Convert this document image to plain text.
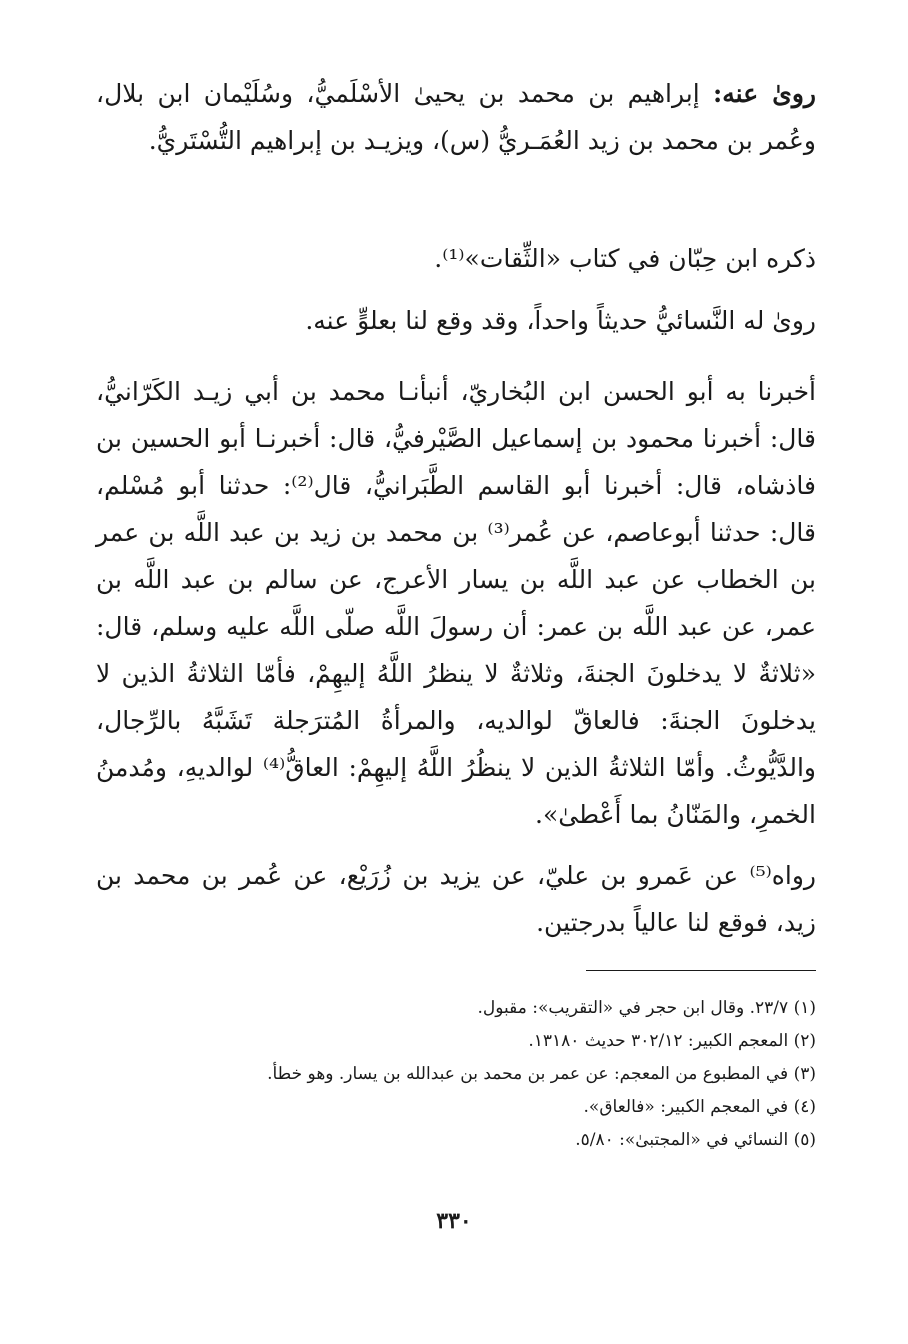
رویٰ عنه: إبراهيم بن محمد بن يحيىٰ الأسْلَميُّ، وسُلَيْمان ابن بلال، وعُمر بن محمد بن زيد العُمَـريُّ (س)، ويزيـد بن إبراهيم التُّسْتَريُّ.

ذكره ابن حِبّان في كتاب «الثِّقات»⁽¹⁾.

رویٰ له النَّسائيُّ حديثاً واحداً، وقد وقع لنا بعلوٍّ عنه.

أخبرنا به أبو الحسن ابن البُخاريّ، أنبأنـا محمد بن أبي زيـد الكَرّانيُّ، قال: أخبرنا محمود بن إسماعيل الصَّيْرفيُّ، قال: أخبرنـا أبو الحسين بن فاذشاه، قال: أخبرنا أبو القاسم الطَّبَرانيُّ، قال⁽²⁾: حدثنا أبو مُسْلم، قال: حدثنا أبوعاصم، عن عُمر⁽³⁾ بن محمد بن زيد بن عبد اللَّه بن عمر بن الخطاب عن عبد اللَّه بن يسار الأعرج، عن سالم بن عبد اللَّه بن عمر، عن عبد اللَّه بن عمر: أن رسولَ اللَّه صلّى اللَّه عليه وسلم، قال: «ثلاثةٌ لا يدخلونَ الجنةَ، وثلاثةٌ لا ينظرُ اللَّهُ إليهِمْ، فأمّا الثلاثةُ الذين لا يدخلونَ الجنةَ: فالعاقّ لوالديه، والمرأةُ المُترَجلة تَشَبَّهُ بالرِّجال، والدَّيُّوثُ. وأمّا الثلاثةُ الذين لا ينظُرُ اللَّهُ إليهِمْ: العاقُّ⁽⁴⁾ لوالديهِ، ومُدمنُ الخمرِ، والمَنّانُ بما أَعْطىٰ».

رواه⁽⁵⁾ عن عَمرو بن عليّ، عن يزيد بن زُرَيْع، عن عُمر بن محمد بن زيد، فوقع لنا عالياً بدرجتين.

(١) ٢٣/٧. وقال ابن حجر في «التقريب»: مقبول.
(٢) المعجم الكبير: ٣٠٢/١٢ حديث ١٣١٨٠.
(٣) في المطبوع من المعجم: عن عمر بن محمد بن عبدالله بن يسار. وهو خطأ.
(٤) في المعجم الكبير: «فالعاق».
(٥) النسائي في «المجتبىٰ»: ٥/٨٠.
٣٣٠
